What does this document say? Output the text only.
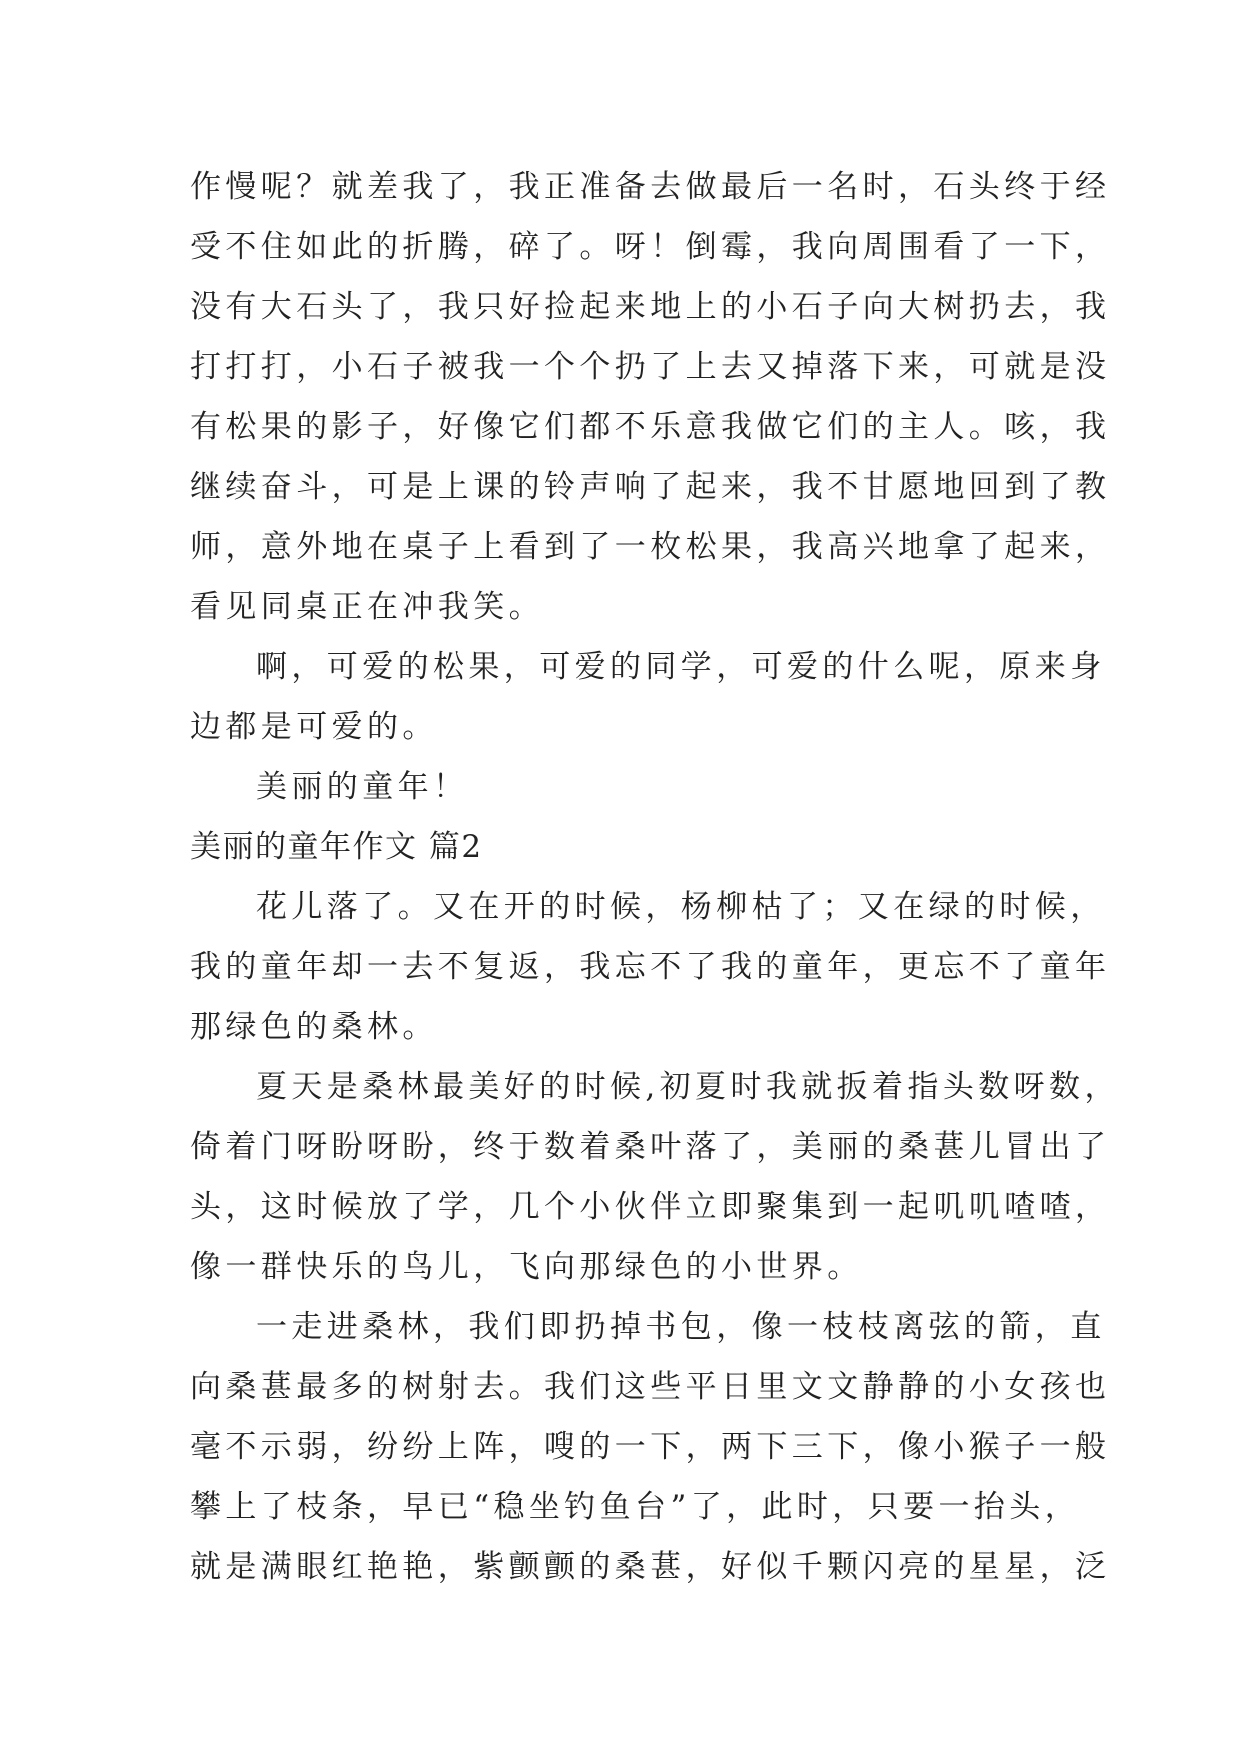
作慢呢？就差我了，我正准备去做最后一名时，石头终于经
受不住如此的折腾，碎了。呀！倒霉，我向周围看了一下，
没有大石头了，我只好捡起来地上的小石子向大树扔去，我
打打打，小石子被我一个个扔了上去又掉落下来，可就是没
有松果的影子，好像它们都不乐意我做它们的主人。咳，我
继续奋斗，可是上课的铃声响了起来，我不甘愿地回到了教
师，意外地在桌子上看到了一枚松果，我高兴地拿了起来，
看见同桌正在冲我笑。
啊，可爱的松果，可爱的同学，可爱的什么呢，原来身
边都是可爱的。
美丽的童年！
美丽的童年作文 篇2
花儿落了。又在开的时候，杨柳枯了；又在绿的时候，
我的童年却一去不复返，我忘不了我的童年，更忘不了童年
那绿色的桑林。
夏天是桑林最美好的时候,初夏时我就扳着指头数呀数，
倚着门呀盼呀盼，终于数着桑叶落了，美丽的桑葚儿冒出了
头，这时候放了学，几个小伙伴立即聚集到一起叽叽喳喳，
像一群快乐的鸟儿，飞向那绿色的小世界。
一走进桑林，我们即扔掉书包，像一枝枝离弦的箭，直
向桑葚最多的树射去。我们这些平日里文文静静的小女孩也
毫不示弱，纷纷上阵，嗖的一下，两下三下，像小猴子一般
攀上了枝条，早已“稳坐钓鱼台”了，此时，只要一抬头，
就是满眼红艳艳，紫颤颤的桑葚，好似千颗闪亮的星星，泛
